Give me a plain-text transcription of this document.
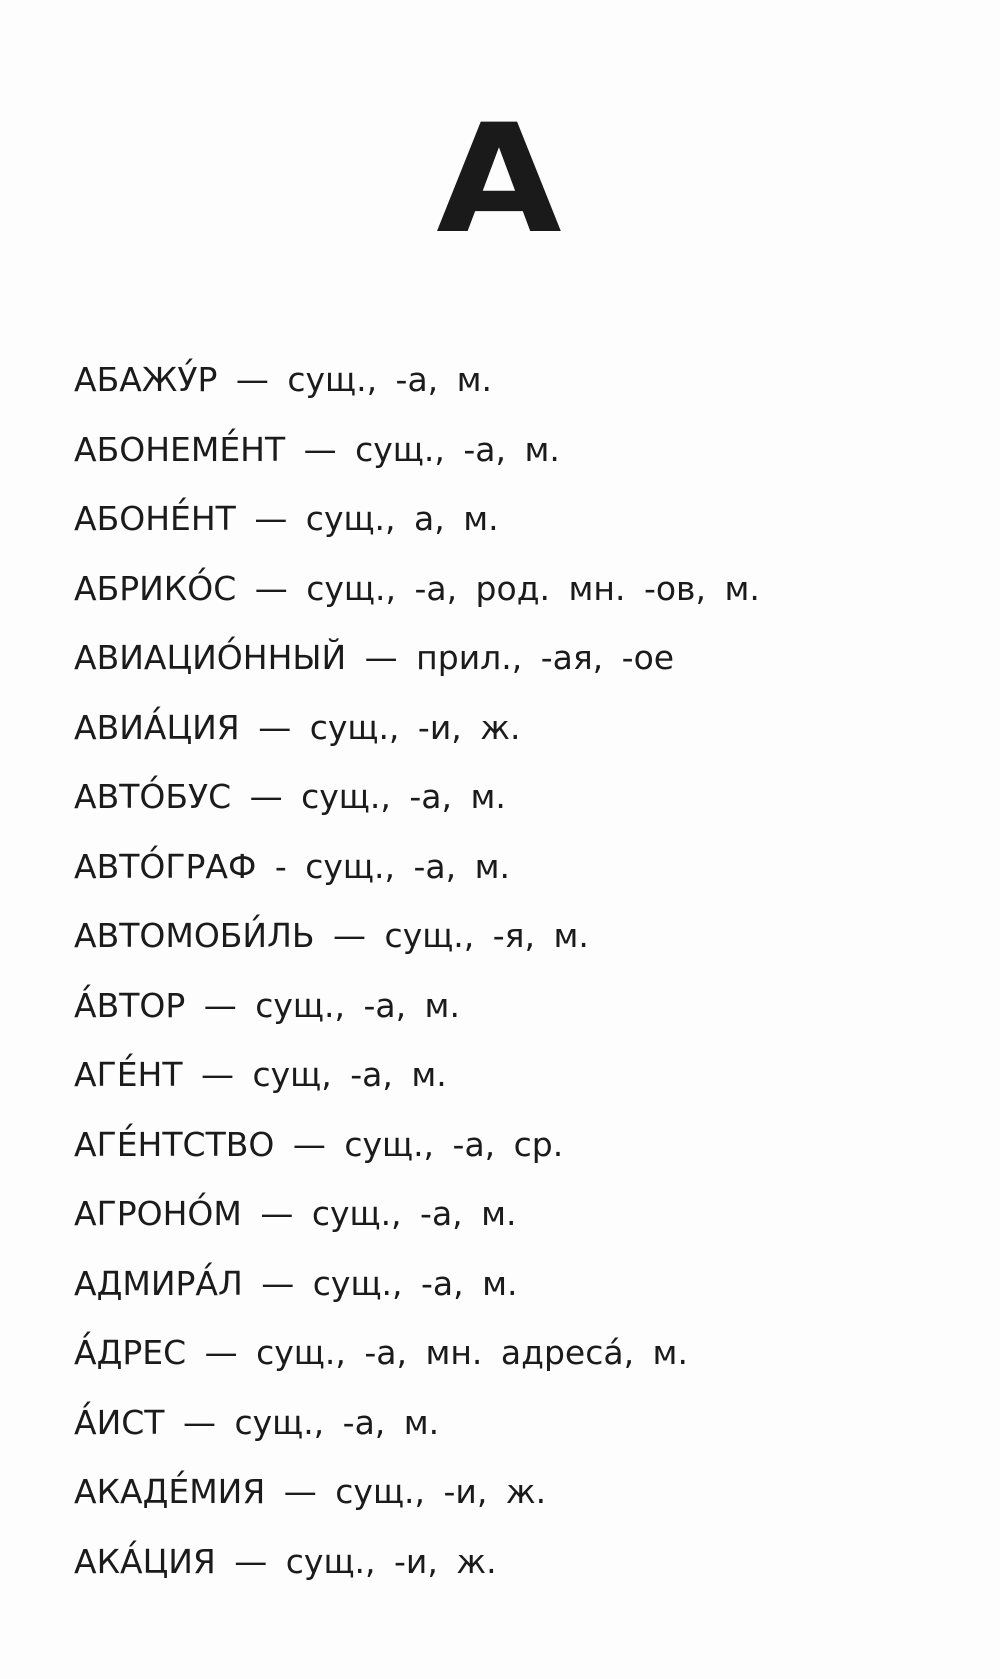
А
АБАЖУ́Р — сущ., -а, м.
АБОНЕМЕ́НТ — сущ., -а, м.
АБОНЕ́НТ — сущ., а, м.
АБРИКО́С — сущ., -а, род. мн. -ов, м.
АВИАЦИО́ННЫЙ — прил., -ая, -ое
АВИА́ЦИЯ — сущ., -и, ж.
АВТО́БУС — сущ., -а, м.
АВТО́ГРАФ - сущ., -а, м.
АВТОМОБИ́ЛЬ — сущ., -я, м.
А́ВТОР — сущ., -а, м.
АГЕ́НТ — сущ, -а, м.
АГЕ́НТСТВО — сущ., -а, ср.
АГРОНО́М — сущ., -а, м.
АДМИРА́Л — сущ., -а, м.
А́ДРЕС — сущ., -а, мн. адреса́, м.
А́ИСТ — сущ., -а, м.
АКАДЕ́МИЯ — сущ., -и, ж.
АКА́ЦИЯ — сущ., -и, ж.
